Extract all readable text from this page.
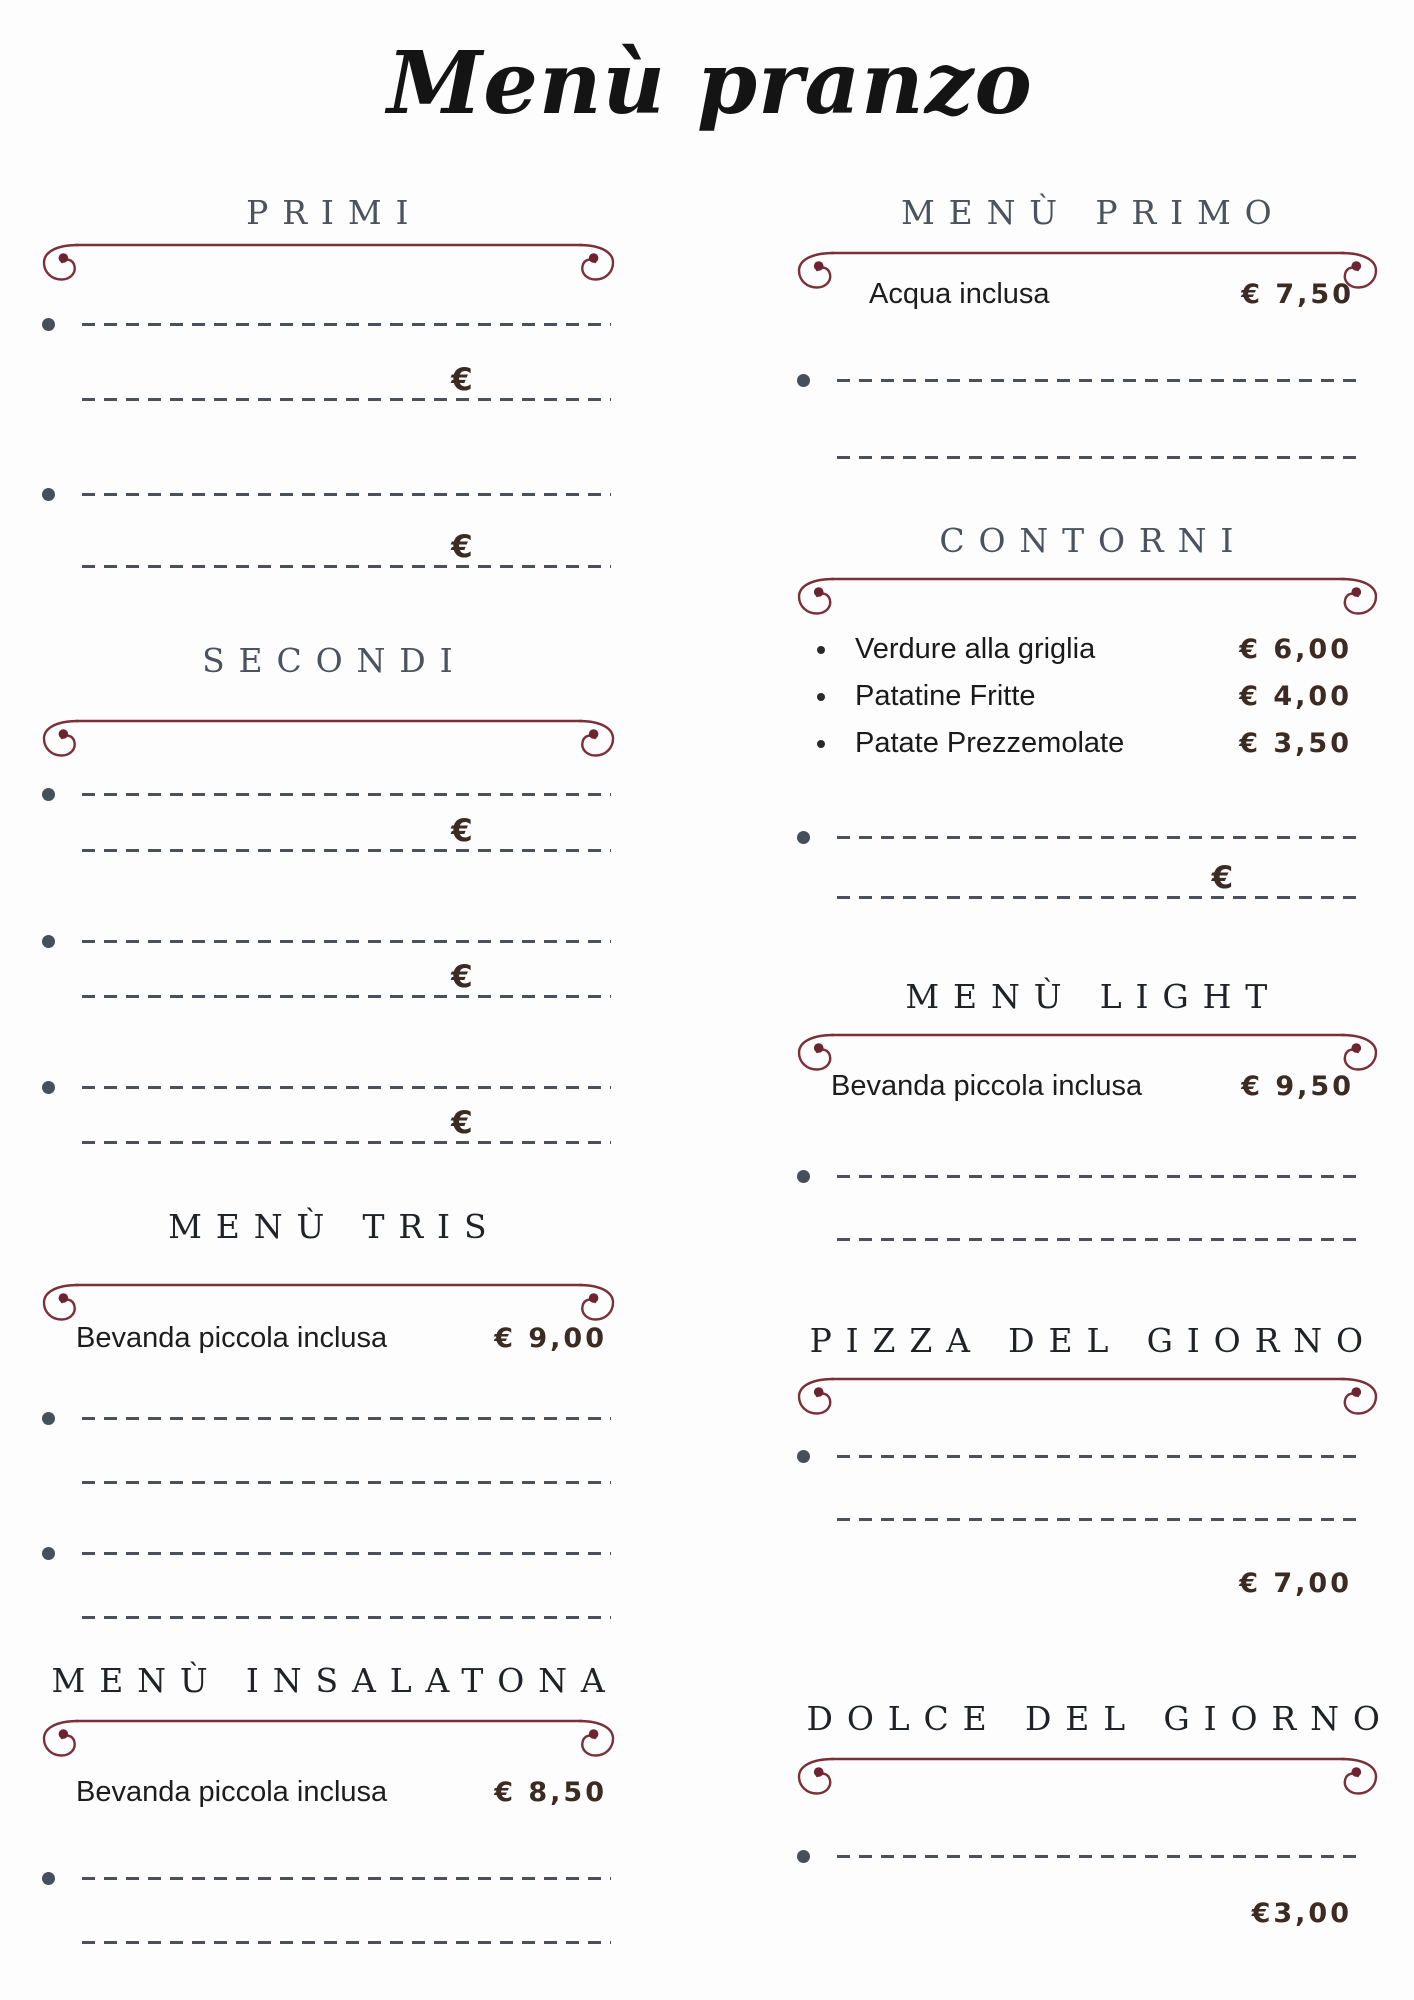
Menù pranzo
PRIMI
€
€
SECONDI
€
€
€
MENÙ TRIS
Bevanda piccola inclusa	€ 9,00
MENÙ INSALATONA
Bevanda piccola inclusa	€ 8,50
MENÙ PRIMO
Acqua inclusa	€ 7,50
CONTORNI
Verdure alla griglia	€ 6,00
Patatine Fritte	€ 4,00
Patate Prezzemolate	€ 3,50
€
MENÙ LIGHT
Bevanda piccola inclusa	€ 9,50
PIZZA DEL GIORNO
€ 7,00
DOLCE DEL GIORNO
€3,00
